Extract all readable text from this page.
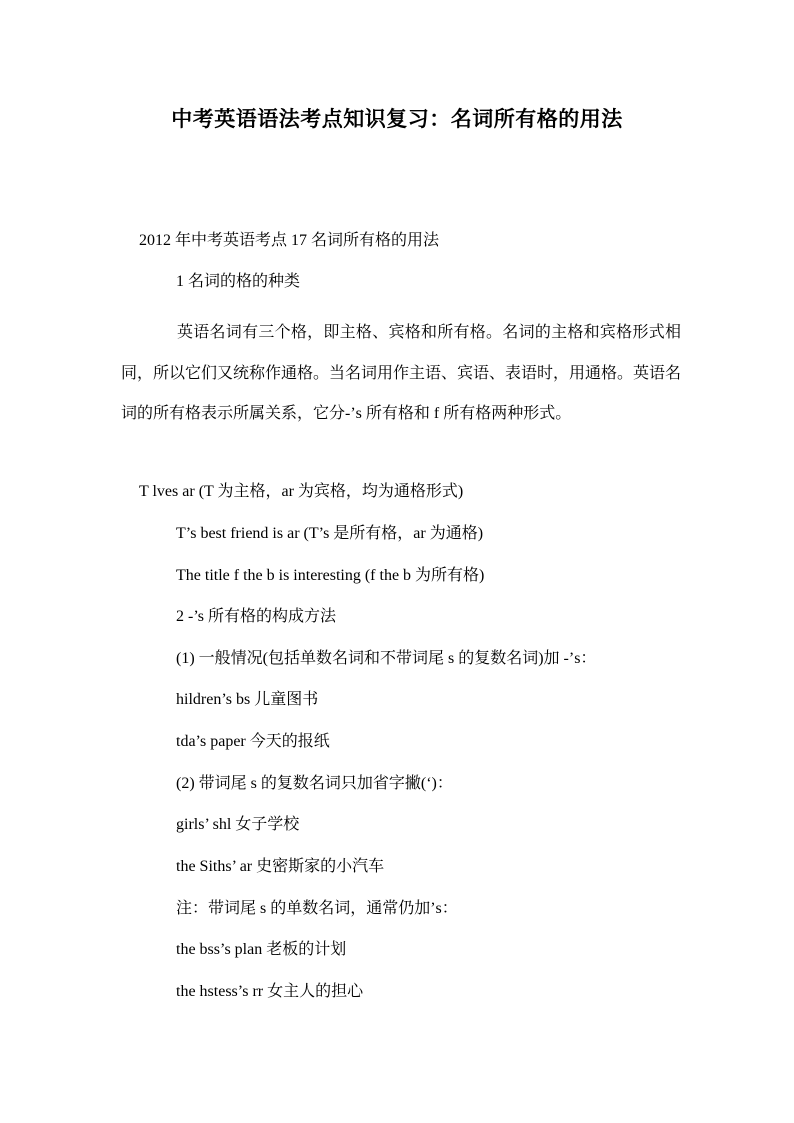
中考英语语法考点知识复习：名词所有格的用法
2012 年中考英语考点 17 名词所有格的用法
1 名词的格的种类
英语名词有三个格，即主格、宾格和所有格。名词的主格和宾格形式相同，所以它们又统称作通格。当名词用作主语、宾语、表语时，用通格。英语名词的所有格表示所属关系，它分-’s 所有格和 f 所有格两种形式。
T lves ar (T 为主格，ar 为宾格，均为通格形式)
T’s best friend is ar (T’s 是所有格，ar 为通格)
The title f the b is interesting (f the b 为所有格)
2 -’s 所有格的构成方法
(1) 一般情况(包括单数名词和不带词尾 s 的复数名词)加 -’s：
hildren’s bs 儿童图书
tda’s paper 今天的报纸
(2) 带词尾 s 的复数名词只加省字撇(‘)：
girls’ shl 女子学校
the Siths’ ar 史密斯家的小汽车
注：带词尾 s 的单数名词，通常仍加’s：
the bss’s plan 老板的计划
the hstess’s rr 女主人的担心
